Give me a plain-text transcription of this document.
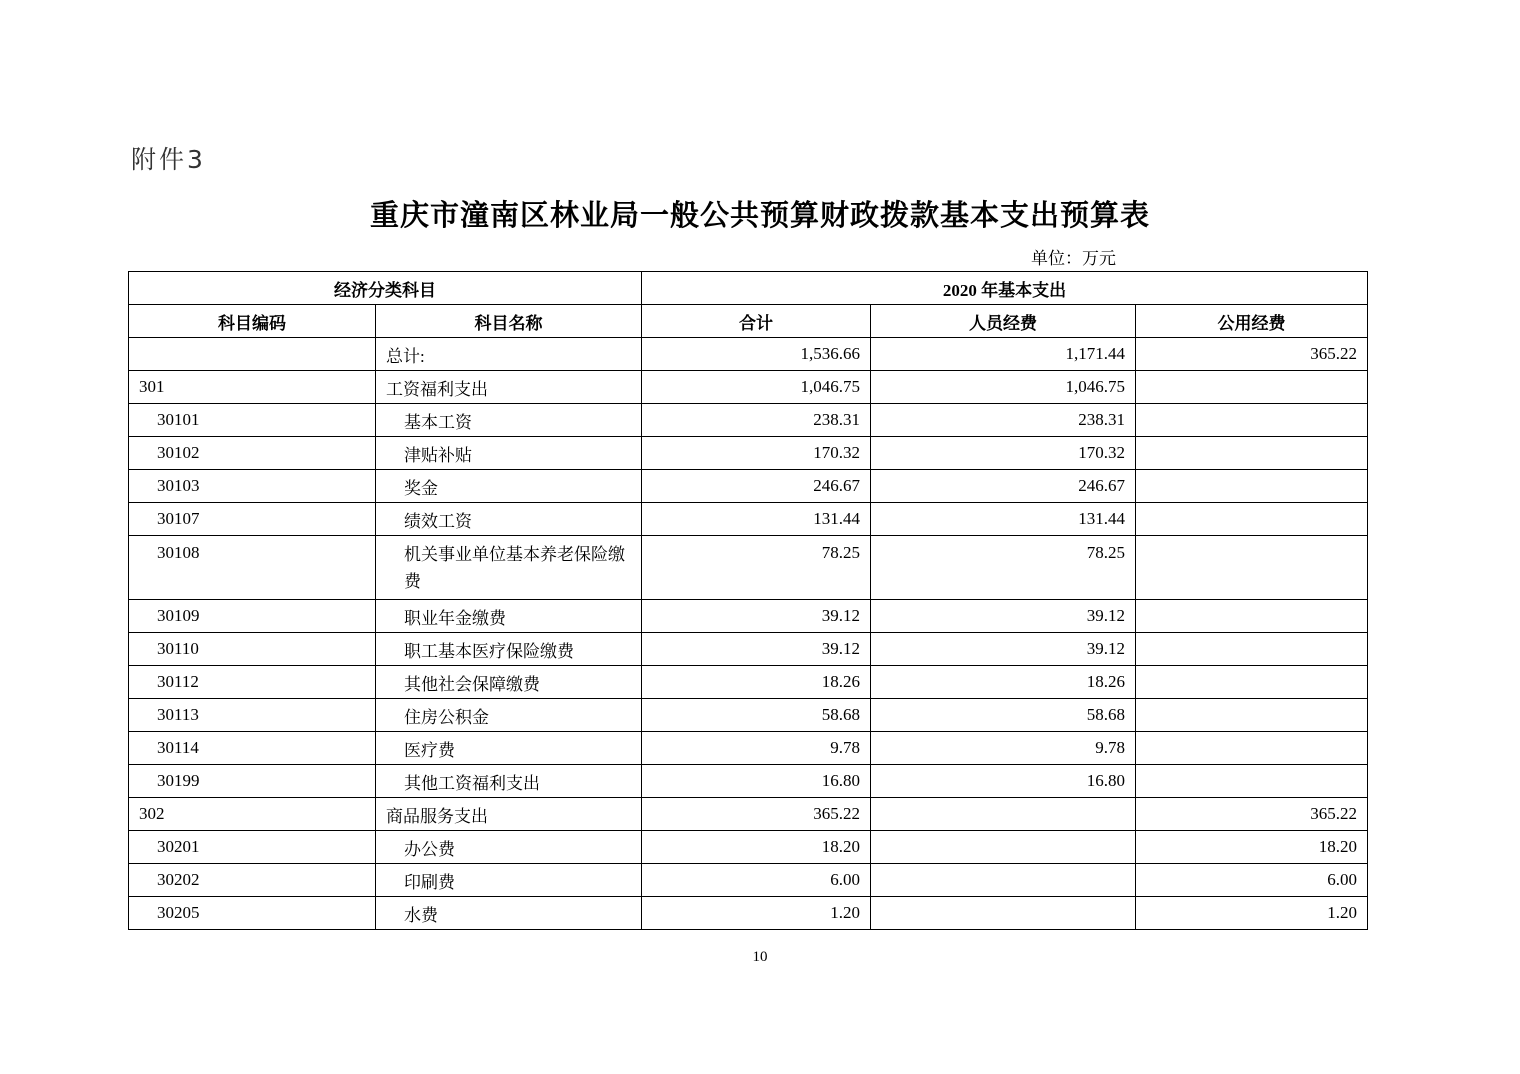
附件3
重庆市潼南区林业局一般公共预算财政拨款基本支出预算表
单位：万元
经济分类科目		2020 年基本支出		
科目编码	科目名称	合计	人员经费	公用经费
	总计:	1,536.66	1,171.44	365.22
301	工资福利支出	1,046.75	1,046.75	
30101	基本工资	238.31	238.31	
30102	津贴补贴	170.32	170.32	
30103	奖金	246.67	246.67	
30107	绩效工资	131.44	131.44	
30108	机关事业单位基本养老保险缴费	78.25	78.25	
30109	职业年金缴费	39.12	39.12	
30110	职工基本医疗保险缴费	39.12	39.12	
30112	其他社会保障缴费	18.26	18.26	
30113	住房公积金	58.68	58.68	
30114	医疗费	9.78	9.78	
30199	其他工资福利支出	16.80	16.80	
302	商品服务支出	365.22		365.22
30201	办公费	18.20		18.20
30202	印刷费	6.00		6.00
30205	水费	1.20		1.20
10
